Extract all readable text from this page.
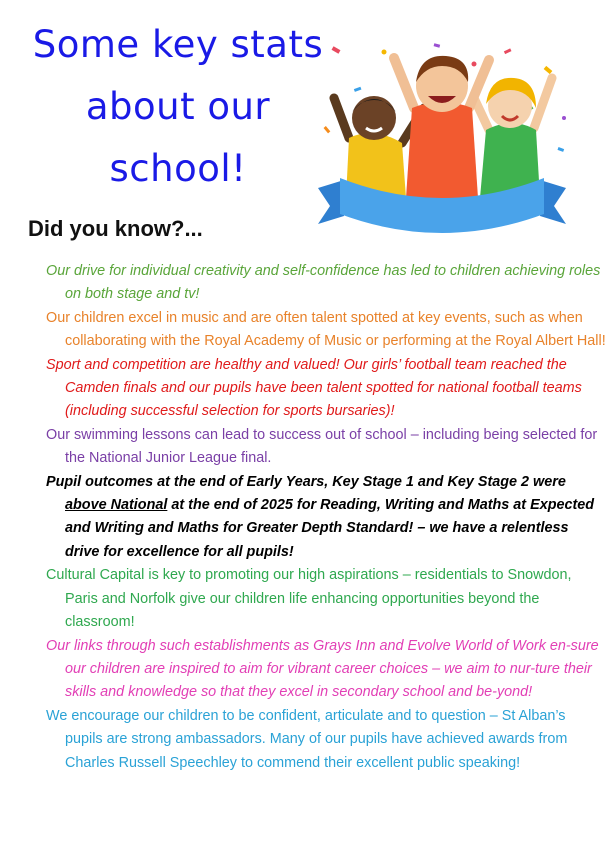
Some key stats
about our
school!
Did you know?...

Our drive for individual creativity and self-confidence has led to children achieving roles on both stage and tv!

Our children excel in music and are often talent spotted at key events, such as when collaborating with the Royal Academy of Music or performing at the Royal Albert Hall!

Sport and competition are healthy and valued! Our girls’ football team reached the Camden finals and our pupils have been talent spotted for national football teams (including successful selection for sports bursaries)!

Our swimming lessons can lead to success out of school – including being selected for the National Junior League final.

Pupil outcomes at the end of Early Years, Key Stage 1 and Key Stage 2 were above National at the end of 2025 for Reading, Writing and Maths at Expected and Writing and Maths for Greater Depth Standard! – we have a relentless drive for excellence for all pupils!

Cultural Capital is key to promoting our high aspirations – residentials to Snowdon, Paris and Norfolk give our children life enhancing opportunities beyond the classroom!

Our links through such establishments as Grays Inn and Evolve World of Work en-sure our children are inspired to aim for vibrant career choices – we aim to nur-ture their skills and knowledge so that they excel in secondary school and be-yond!

We encourage our children to be confident, articulate and to question – St Alban’s pupils are strong ambassadors. Many of our pupils have achieved awards from Charles Russell Speechley to commend their excellent public speaking!
